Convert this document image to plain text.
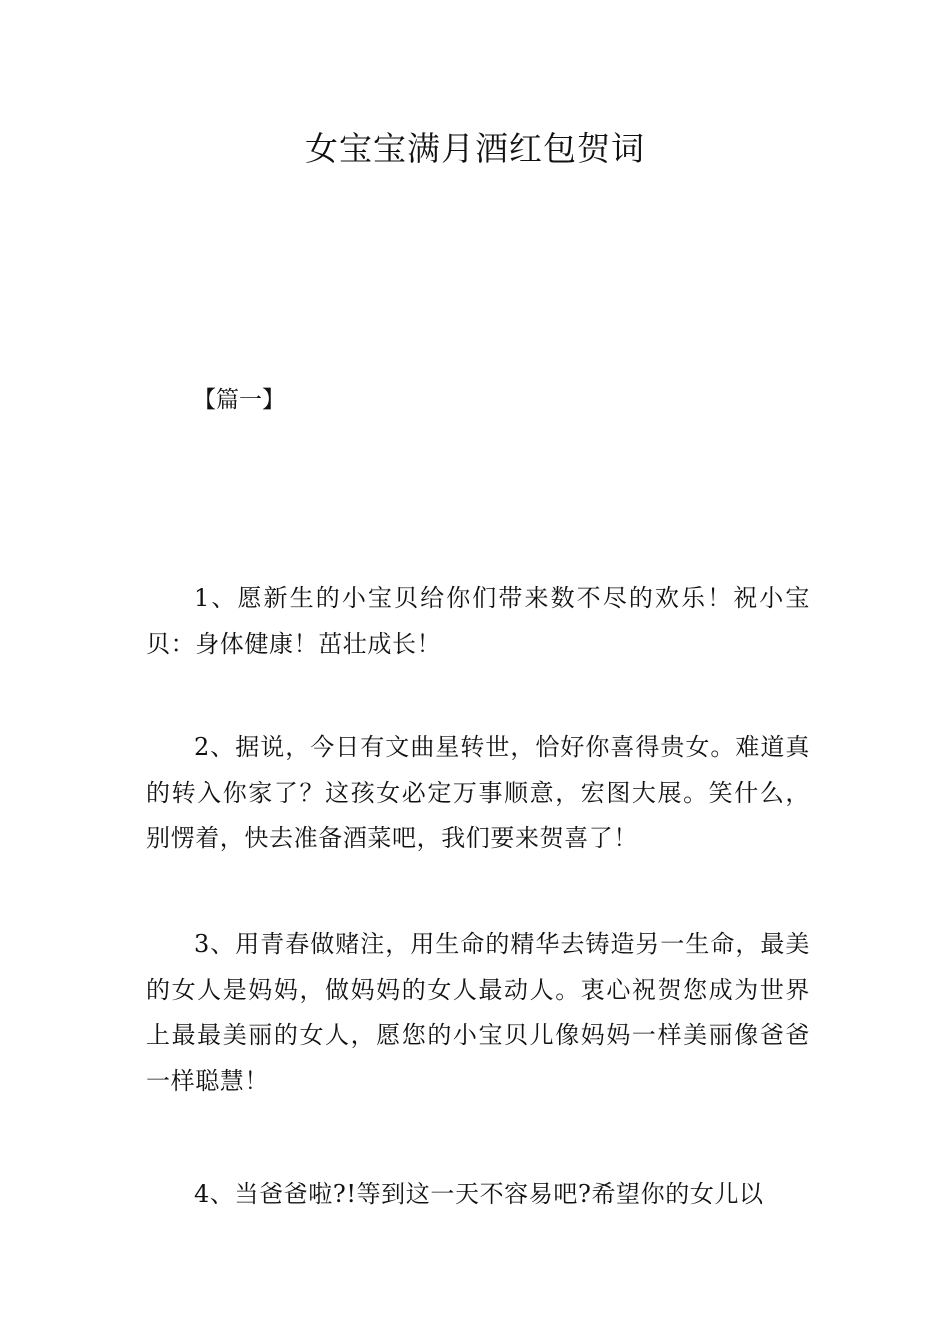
女宝宝满月酒红包贺词
【篇一】

1、愿新生的小宝贝给你们带来数不尽的欢乐！祝小宝贝：身体健康！茁壮成长！

2、据说，今日有文曲星转世，恰好你喜得贵女。难道真的转入你家了？这孩女必定万事顺意，宏图大展。笑什么，别愣着，快去准备酒菜吧，我们要来贺喜了！

3、用青春做赌注，用生命的精华去铸造另一生命，最美的女人是妈妈，做妈妈的女人最动人。衷心祝贺您成为世界上最最美丽的女人，愿您的小宝贝儿像妈妈一样美丽像爸爸一样聪慧！

4、当爸爸啦?!等到这一天不容易吧?希望你的女儿以
